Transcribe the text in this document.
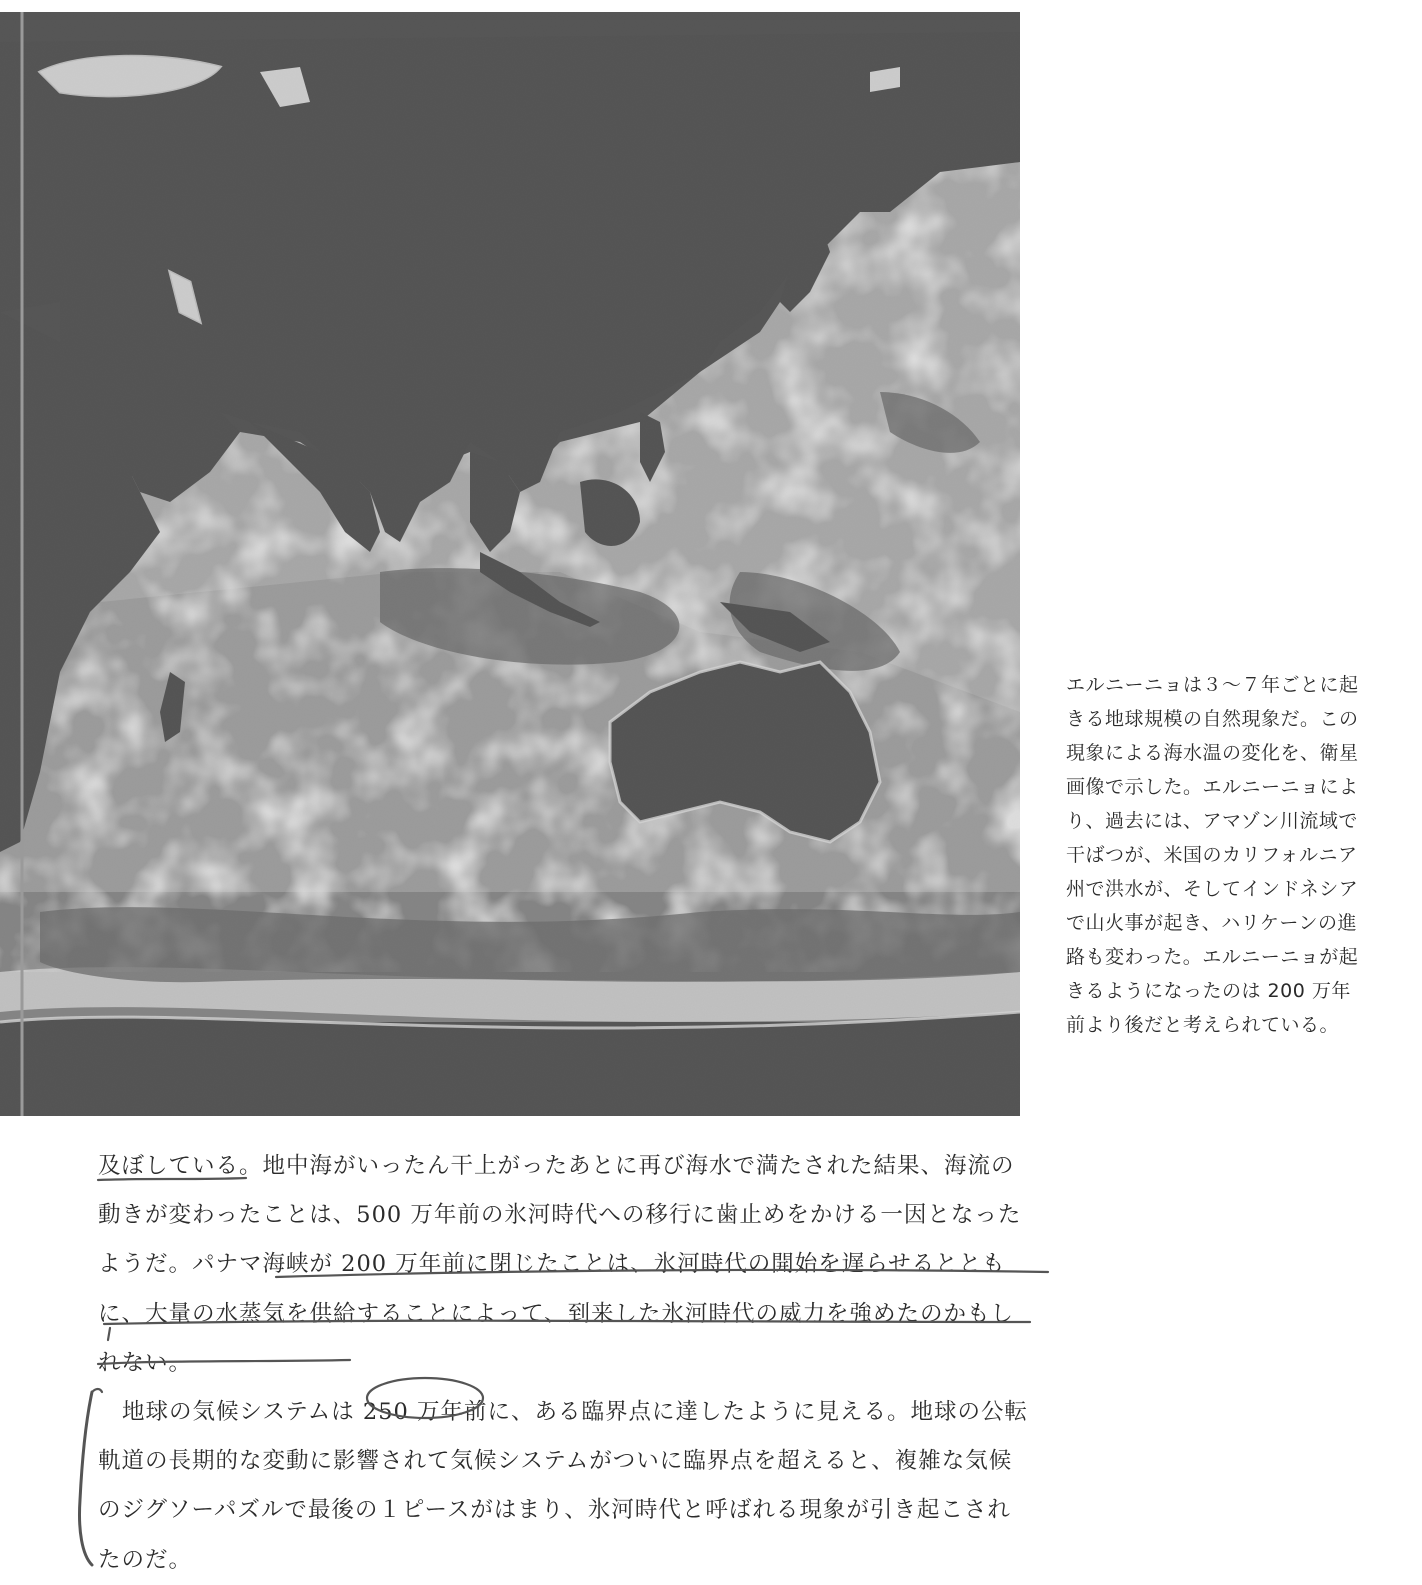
エルニーニョは３～７年ごとに起きる地球規模の自然現象だ。この現象による海水温の変化を、衛星画像で示した。エルニーニョにより、過去には、アマゾン川流域で干ばつが、米国のカリフォルニア州で洪水が、そしてインドネシアで山火事が起き、ハリケーンの進路も変わった。エルニーニョが起きるようになったのは 200 万年前より後だと考えられている。

及ぼしている。地中海がいったん干上がったあとに再び海水で満たされた結果、海流の動きが変わったことは、500 万年前の氷河時代への移行に歯止めをかける一因となったようだ。パナマ海峡が 200 万年前に閉じたことは、氷河時代の開始を遅らせるとともに、大量の水蒸気を供給することによって、到来した氷河時代の威力を強めたのかもしれない。

地球の気候システムは 250 万年前に、ある臨界点に達したように見える。地球の公転軌道の長期的な変動に影響されて気候システムがついに臨界点を超えると、複雑な気候のジグソーパズルで最後の１ピースがはまり、氷河時代と呼ばれる現象が引き起こされたのだ。
